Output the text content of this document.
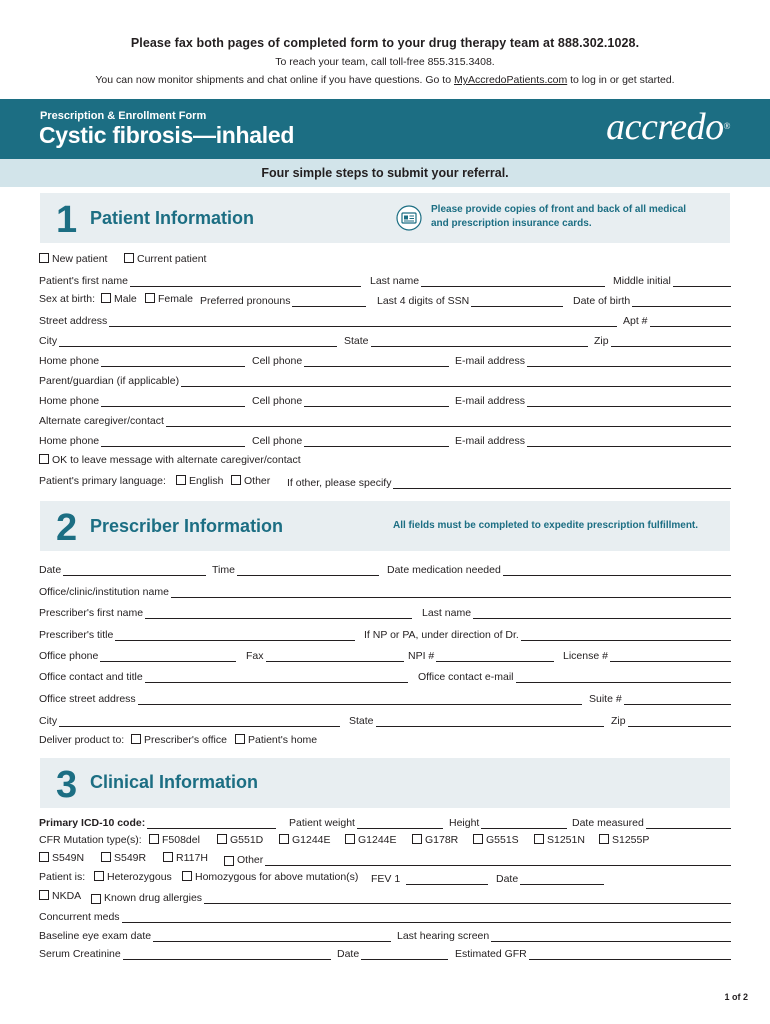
Please fax both pages of completed form to your drug therapy team at 888.302.1028.
To reach your team, call toll-free 855.315.3408.
You can now monitor shipments and chat online if you have questions. Go to MyAccredoPatients.com to log in or get started.
Prescription & Enrollment Form
Cystic fibrosis—inhaled	accredo®
Four simple steps to submit your referral.
1 Patient Information	Please provide copies of front and back of all medical
and prescription insurance cards.
New patient	Current patient
Patient's first name	Last name	Middle initial
Sex at birth:	Male	Female Preferred pronouns	Last 4 digits of SSN	Date of birth
Street address	Apt #
City	State	Zip
Home phone	Cell phone	E-mail address
Parent/guardian (if applicable)
Home phone	Cell phone	E-mail address
Alternate caregiver/contact
Home phone	Cell phone	E-mail address
OK to leave message with alternate caregiver/contact
Patient's primary language:	English	Other If other, please specify
2 Prescriber Information	All fields must be completed to expedite prescription fulfillment.
Date	Time	Date medication needed
Office/clinic/institution name
Prescriber's first name	Last name
Prescriber's title	If NP or PA, under direction of Dr.
Office phone	Fax	NPI #	License #
Office contact and title	Office contact e-mail
Office street address	Suite #
City	State	Zip
Deliver product to:	Prescriber's office	Patient's home
3 Clinical Information
Primary ICD-10 code:	Patient weight	Height	Date measured
CFR Mutation type(s):	F508del	G551D	G1244E	G1244E	G178R	G551S	S1251N	S1255P
S549N	S549R	R117H	Other
Patient is:	Heterozygous	Homozygous for above mutation(s) FEV 1	Date
NKDA Known drug allergies
Concurrent meds
Baseline eye exam date	Last hearing screen
Serum Creatinine	Date	Estimated GFR
1 of 2
